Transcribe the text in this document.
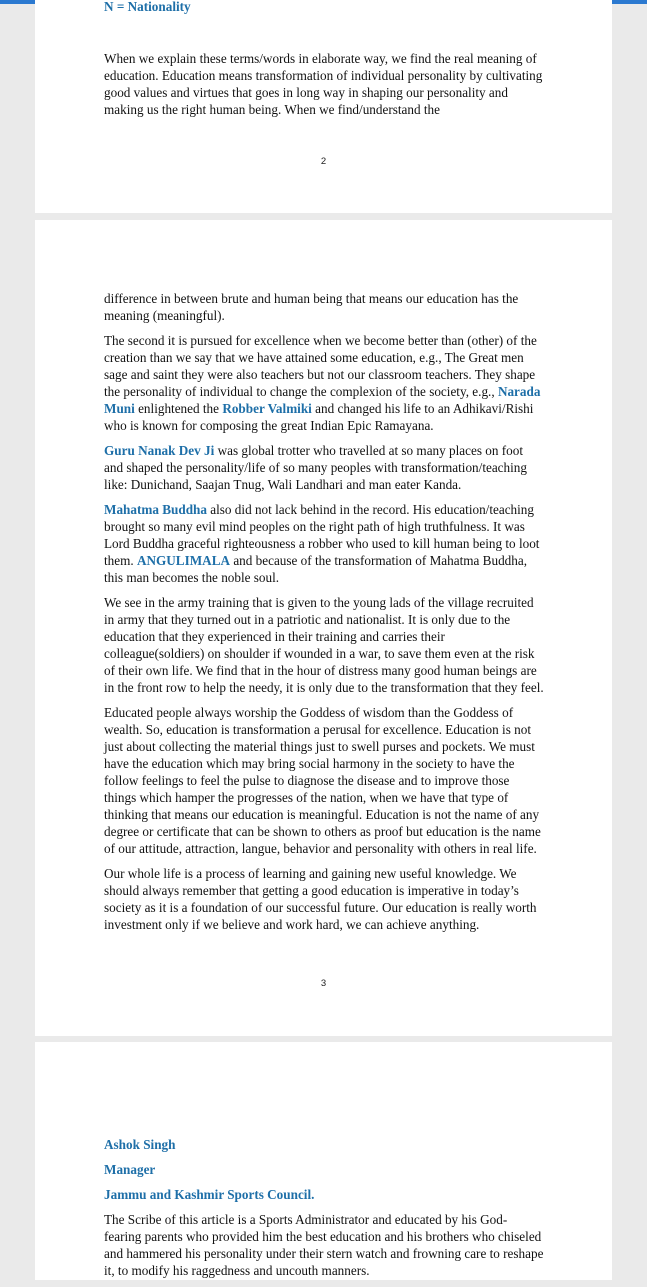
N = Nationality

When we explain these terms/words in elaborate way, we find the real meaning of education. Education means transformation of individual personality by cultivating good values and virtues that goes in long way in shaping our personality and making us the right human being. When we find/understand the

2

difference in between brute and human being that means our education has the meaning (meaningful).

The second it is pursued for excellence when we become better than (other) of the creation than we say that we have attained some education, e.g., The Great men sage and saint they were also teachers but not our classroom teachers. They shape the personality of individual to change the complexion of the society, e.g., Narada Muni enlightened the Robber Valmiki and changed his life to an Adhikavi/Rishi who is known for composing the great Indian Epic Ramayana.

Guru Nanak Dev Ji was global trotter who travelled at so many places on foot and shaped the personality/life of so many peoples with transformation/teaching like: Dunichand, Saajan Tnug, Wali Landhari and man eater Kanda.

Mahatma Buddha also did not lack behind in the record. His education/teaching brought so many evil mind peoples on the right path of high truthfulness. It was Lord Buddha graceful righteousness a robber who used to kill human being to loot them. ANGULIMALA and because of the transformation of Mahatma Buddha, this man becomes the noble soul.

We see in the army training that is given to the young lads of the village recruited in army that they turned out in a patriotic and nationalist. It is only due to the education that they experienced in their training and carries their colleague(soldiers) on shoulder if wounded in a war, to save them even at the risk of their own life. We find that in the hour of distress many good human beings are in the front row to help the needy, it is only due to the transformation that they feel.

Educated people always worship the Goddess of wisdom than the Goddess of wealth. So, education is transformation a perusal for excellence. Education is not just about collecting the material things just to swell purses and pockets. We must have the education which may bring social harmony in the society to have the follow feelings to feel the pulse to diagnose the disease and to improve those things which hamper the progresses of the nation, when we have that type of thinking that means our education is meaningful. Education is not the name of any degree or certificate that can be shown to others as proof but education is the name of our attitude, attraction, langue, behavior and personality with others in real life.

Our whole life is a process of learning and gaining new useful knowledge. We should always remember that getting a good education is imperative in today’s society as it is a foundation of our successful future. Our education is really worth investment only if we believe and work hard, we can achieve anything.

3

Ashok Singh

Manager

Jammu and Kashmir Sports Council.

The Scribe of this article is a Sports Administrator and educated by his God-fearing parents who provided him the best education and his brothers who chiseled and hammered his personality under their stern watch and frowning care to reshape it, to modify his raggedness and uncouth manners.
